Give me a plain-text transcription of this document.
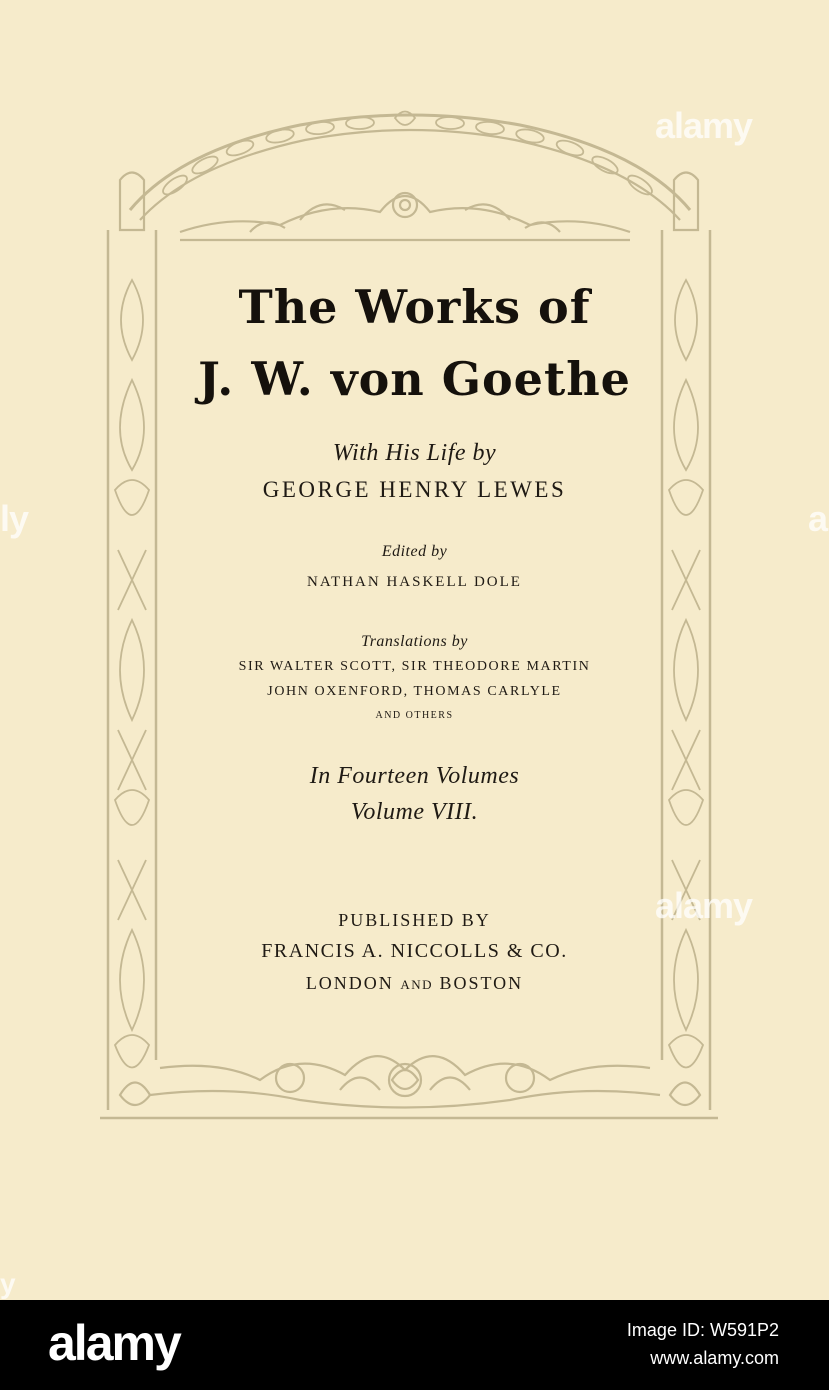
The Works of
J. W. von Goethe
With His Life by
GEORGE HENRY LEWES
Edited by
NATHAN HASKELL DOLE
Translations by
SIR WALTER SCOTT, SIR THEODORE MARTIN
JOHN OXENFORD, THOMAS CARLYLE
AND OTHERS
In Fourteen Volumes
Volume VIII.
PUBLISHED BY
FRANCIS A. NICCOLLS & CO.
LONDON AND BOSTON
alamy
ly	a
alamy
y
alamy	Image ID: W591P2
www.alamy.com
